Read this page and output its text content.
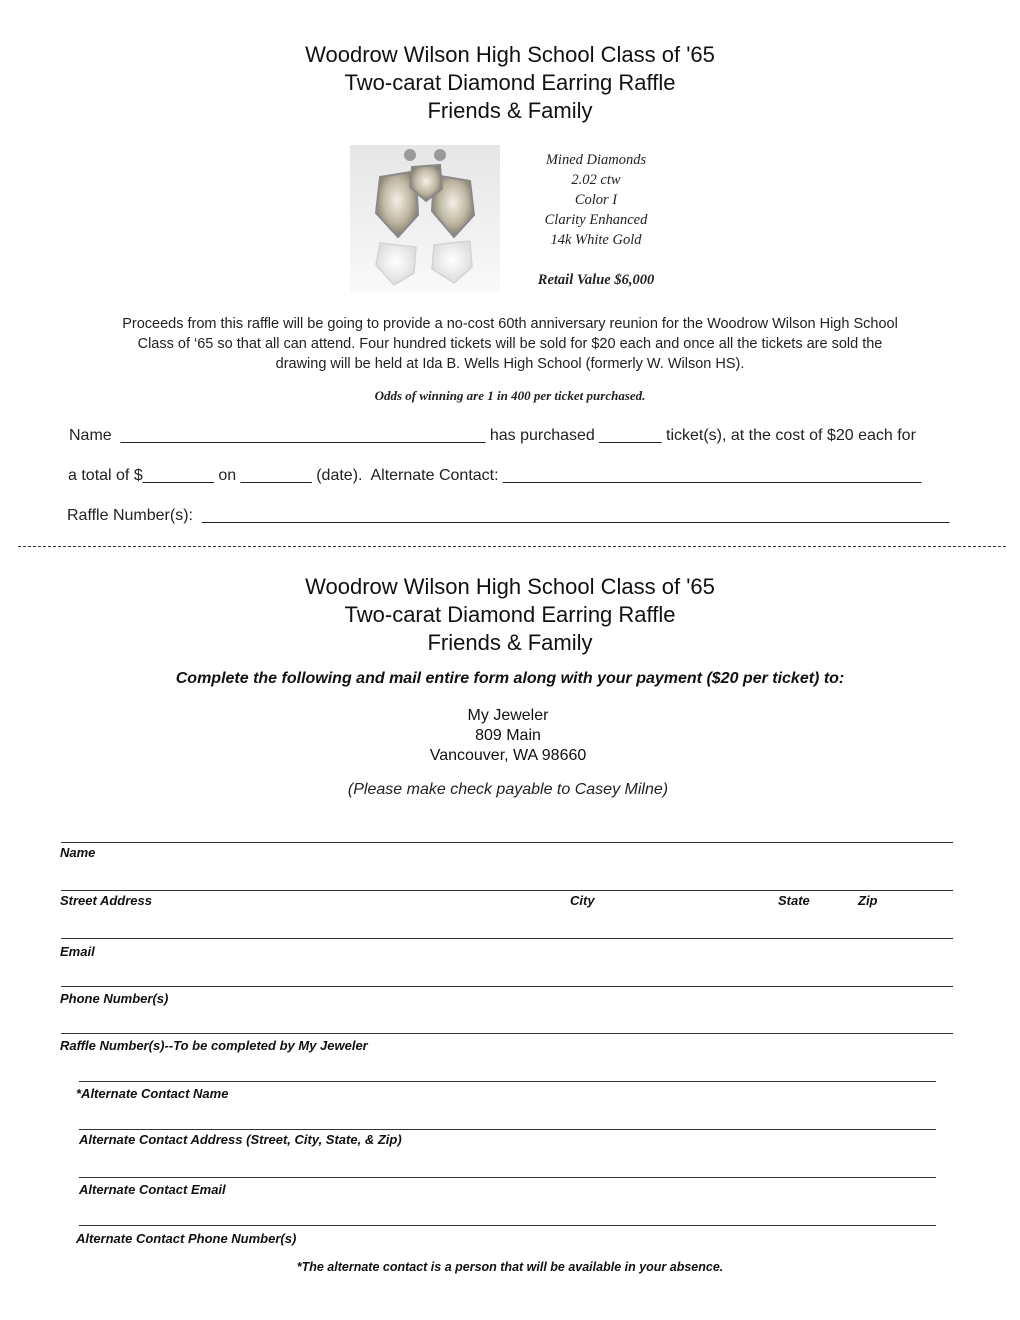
Woodrow Wilson High School Class of '65
Two-carat Diamond Earring Raffle
Friends & Family
Mined Diamonds
2.02 ctw
Color I
Clarity Enhanced
14k White Gold
Retail Value $6,000
Proceeds from this raffle will be going to provide a no-cost 60th anniversary reunion for the Woodrow Wilson High School
Class of ‘65 so that all can attend. Four hundred tickets will be sold for $20 each and once all the tickets are sold the
drawing will be held at Ida B. Wells High School (formerly W. Wilson HS).
Odds of winning are 1 in 400 per ticket purchased.
Name  _________________________________________ has purchased _______ ticket(s), at the cost of $20 each for
a total of $________ on ________ (date).  Alternate Contact: _______________________________________________
Raffle Number(s):  ____________________________________________________________________________________
Woodrow Wilson High School Class of '65
Two-carat Diamond Earring Raffle
Friends & Family
Complete the following and mail entire form along with your payment ($20 per ticket) to:
My Jeweler
809 Main
Vancouver, WA 98660
(Please make check payable to Casey Milne)
Name
Street Address	City	State	Zip
Email
Phone Number(s)
Raffle Number(s)--To be completed by My Jeweler
*Alternate Contact Name
Alternate Contact Address (Street, City, State, & Zip)
Alternate Contact Email
Alternate Contact Phone Number(s)
*The alternate contact is a person that will be available in your absence.
